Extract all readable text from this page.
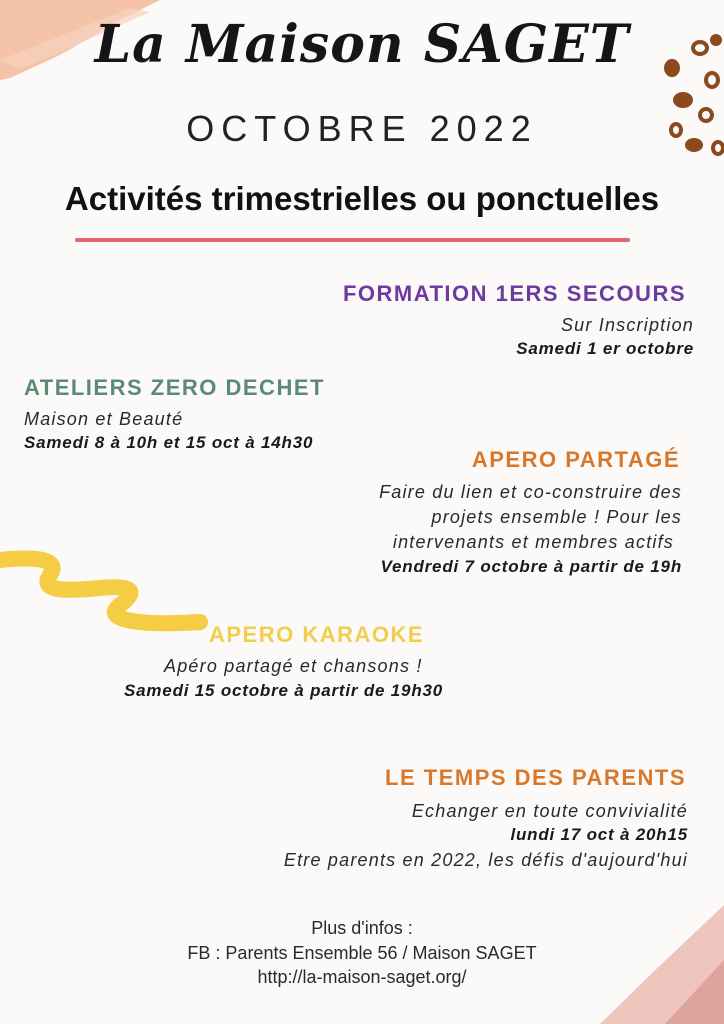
La Maison SAGET
OCTOBRE 2022
Activités trimestrielles ou ponctuelles
FORMATION 1ERS SECOURS
Sur Inscription
Samedi 1 er octobre
ATELIERS ZERO DECHET
Maison et Beauté
Samedi 8 à 10h et 15 oct à 14h30
APERO PARTAGÉ
Faire du lien et co-construire des
projets ensemble ! Pour les
intervenants et membres actifs
Vendredi 7 octobre à partir de 19h
APERO KARAOKE
Apéro partagé et chansons !
Samedi 15 octobre à partir de 19h30
LE TEMPS DES PARENTS
Echanger en toute convivialité
lundi 17 oct à 20h15
Etre parents en 2022, les défis d'aujourd'hui
Plus d'infos :
FB : Parents Ensemble 56 / Maison SAGET
http://la-maison-saget.org/
